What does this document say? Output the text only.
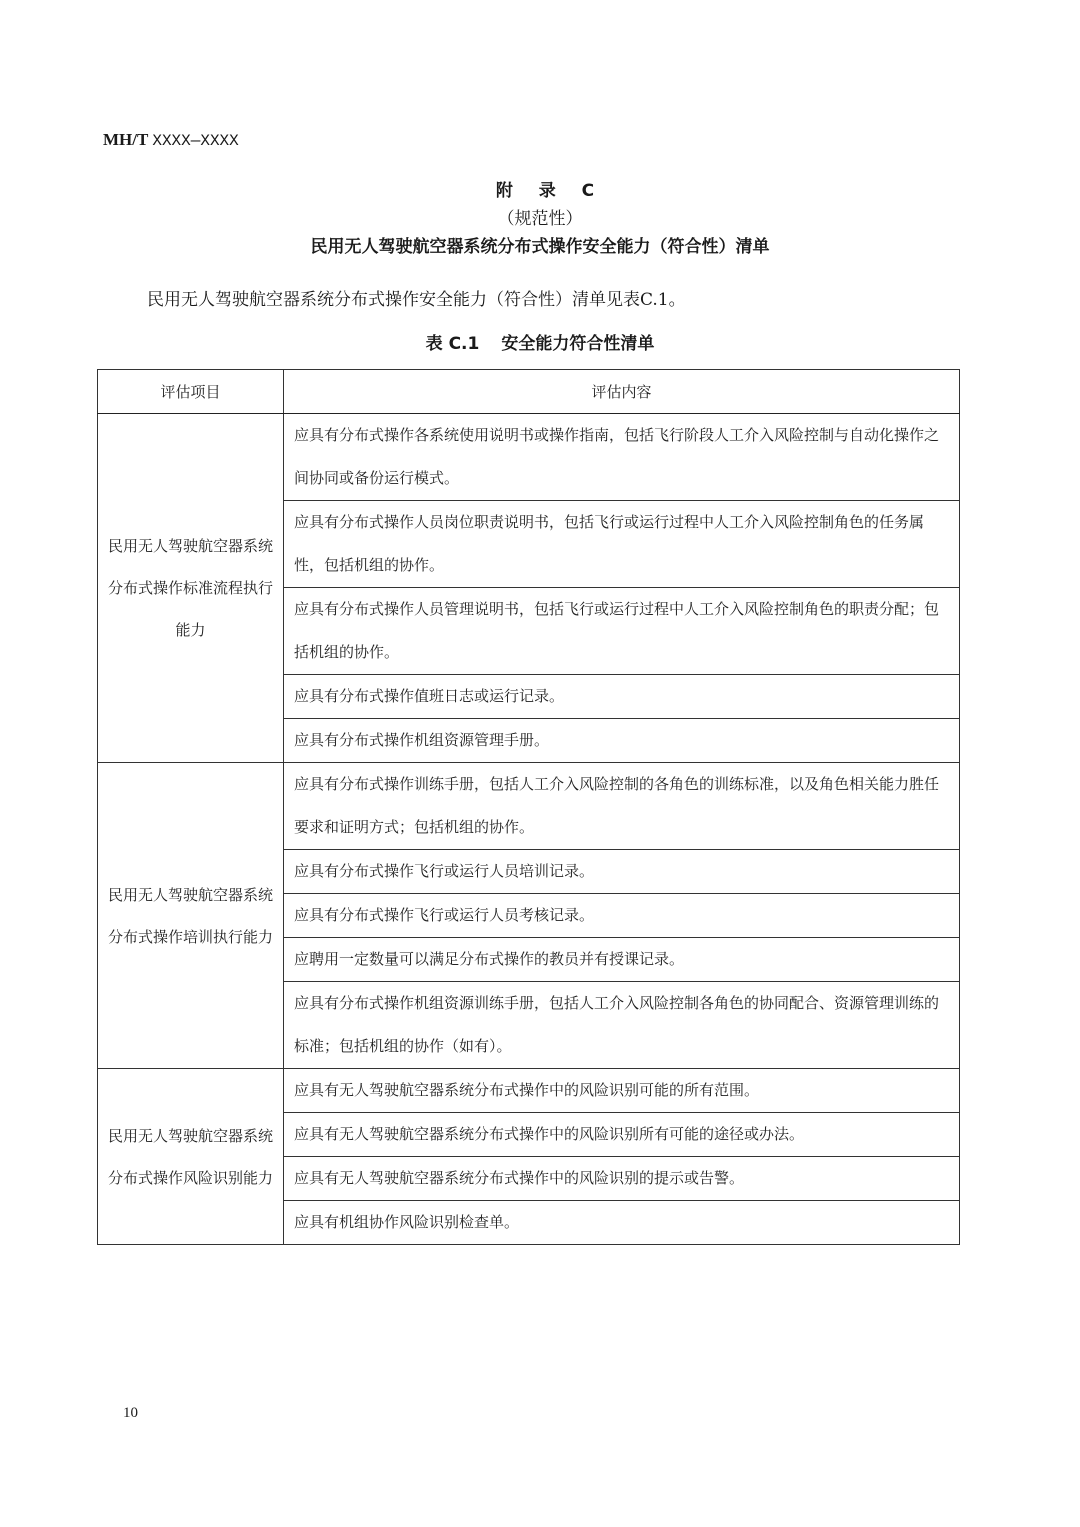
MH/T XXXX—XXXX
附 录 C
（规范性）
民用无人驾驶航空器系统分布式操作安全能力（符合性）清单
民用无人驾驶航空器系统分布式操作安全能力（符合性）清单见表C.1。
表 C.1 安全能力符合性清单
评估项目	评估内容
民用无人驾驶航空器系统分布式操作标准流程执行能力	应具有分布式操作各系统使用说明书或操作指南，包括飞行阶段人工介入风险控制与自动化操作之间协同或备份运行模式。
	应具有分布式操作人员岗位职责说明书，包括飞行或运行过程中人工介入风险控制角色的任务属性，包括机组的协作。
	应具有分布式操作人员管理说明书，包括飞行或运行过程中人工介入风险控制角色的职责分配；包括机组的协作。
	应具有分布式操作值班日志或运行记录。
	应具有分布式操作机组资源管理手册。
民用无人驾驶航空器系统分布式操作培训执行能力	应具有分布式操作训练手册，包括人工介入风险控制的各角色的训练标准，以及角色相关能力胜任要求和证明方式；包括机组的协作。
	应具有分布式操作飞行或运行人员培训记录。
	应具有分布式操作飞行或运行人员考核记录。
	应聘用一定数量可以满足分布式操作的教员并有授课记录。
	应具有分布式操作机组资源训练手册，包括人工介入风险控制各角色的协同配合、资源管理训练的标准；包括机组的协作（如有）。
民用无人驾驶航空器系统分布式操作风险识别能力	应具有无人驾驶航空器系统分布式操作中的风险识别可能的所有范围。
	应具有无人驾驶航空器系统分布式操作中的风险识别所有可能的途径或办法。
	应具有无人驾驶航空器系统分布式操作中的风险识别的提示或告警。
	应具有机组协作风险识别检查单。
10
